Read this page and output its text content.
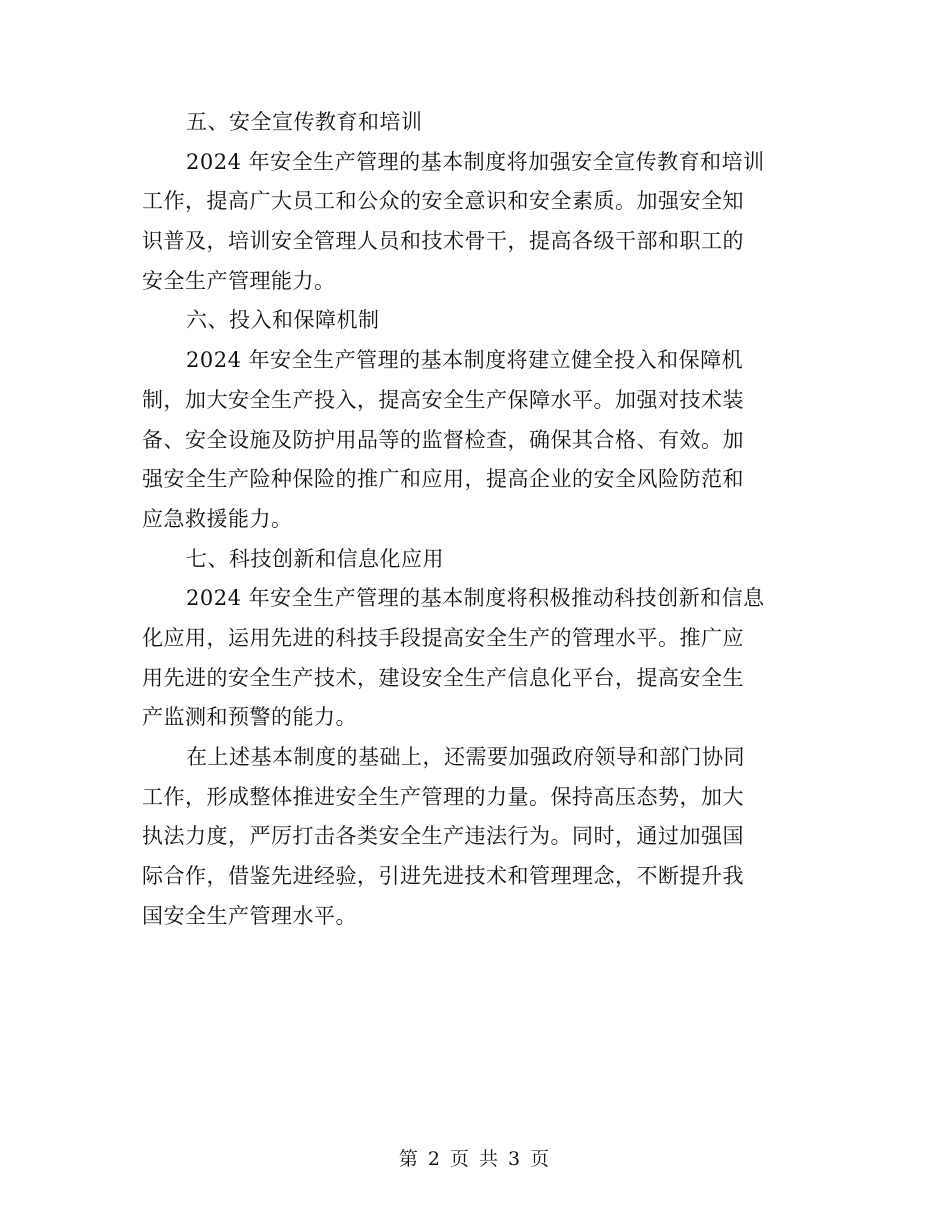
五、安全宣传教育和培训
2024 年安全生产管理的基本制度将加强安全宣传教育和培训
工作，提高广大员工和公众的安全意识和安全素质。加强安全知
识普及，培训安全管理人员和技术骨干，提高各级干部和职工的
安全生产管理能力。
六、投入和保障机制
2024 年安全生产管理的基本制度将建立健全投入和保障机
制，加大安全生产投入，提高安全生产保障水平。加强对技术装
备、安全设施及防护用品等的监督检查，确保其合格、有效。加
强安全生产险种保险的推广和应用，提高企业的安全风险防范和
应急救援能力。
七、科技创新和信息化应用
2024 年安全生产管理的基本制度将积极推动科技创新和信息
化应用，运用先进的科技手段提高安全生产的管理水平。推广应
用先进的安全生产技术，建设安全生产信息化平台，提高安全生
产监测和预警的能力。
在上述基本制度的基础上，还需要加强政府领导和部门协同
工作，形成整体推进安全生产管理的力量。保持高压态势，加大
执法力度，严厉打击各类安全生产违法行为。同时，通过加强国
际合作，借鉴先进经验，引进先进技术和管理理念，不断提升我
国安全生产管理水平。
第 2 页 共 3 页
